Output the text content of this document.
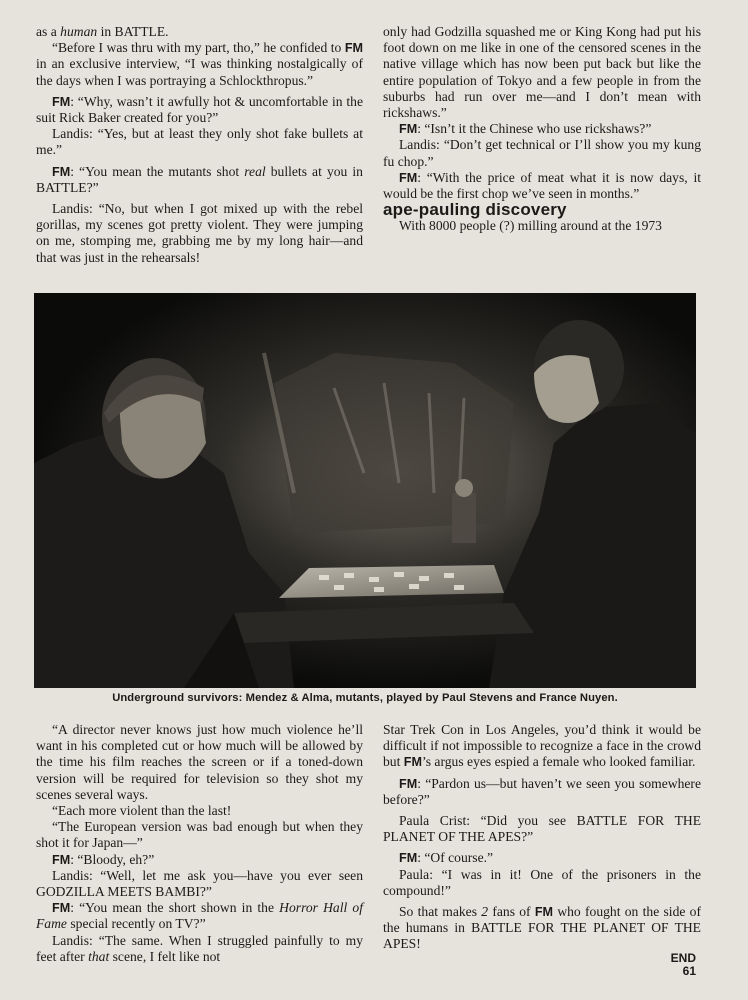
as a human in BATTLE.

“Before I was thru with my part, tho,” he confided to FM in an exclusive interview, “I was thinking nostalgically of the days when I was portraying a Schlockthropus.”

FM: “Why, wasn’t it awfully hot & uncomfortable in the suit Rick Baker created for you?”

Landis: “Yes, but at least they only shot fake bullets at me.”

FM: “You mean the mutants shot real bullets at you in BATTLE?”

Landis: “No, but when I got mixed up with the rebel gorillas, my scenes got pretty violent. They were jumping on me, stomping me, grabbing me by my long hair—and that was just in the rehearsals!

only had Godzilla squashed me or King Kong had put his foot down on me like in one of the censored scenes in the native village which has now been put back but like the entire population of Tokyo and a few people in from the suburbs had run over me—and I don’t mean with rickshaws.”

FM: “Isn’t it the Chinese who use rickshaws?”

Landis: “Don’t get technical or I’ll show you my kung fu chop.”

FM: “With the price of meat what it is now days, it would be the first chop we’ve seen in months.”

ape-pauling discovery

With 8000 people (?) milling around at the 1973

Underground survivors: Mendez & Alma, mutants, played by Paul Stevens and France Nuyen.

“A director never knows just how much violence he’ll want in his completed cut or how much will be allowed by the time his film reaches the screen or if a toned-down version will be required for television so they shot my scenes several ways.

“Each more violent than the last!

“The European version was bad enough but when they shot it for Japan—”

FM: “Bloody, eh?”

Landis: “Well, let me ask you—have you ever seen GODZILLA MEETS BAMBI?”

FM: “You mean the short shown in the Horror Hall of Fame special recently on TV?”

Landis: “The same. When I struggled painfully to my feet after that scene, I felt like not

Star Trek Con in Los Angeles, you’d think it would be difficult if not impossible to recognize a face in the crowd but FM’s argus eyes espied a female who looked familiar.

FM: “Pardon us—but haven’t we seen you somewhere before?”

Paula Crist: “Did you see BATTLE FOR THE PLANET OF THE APES?”

FM: “Of course.”

Paula: “I was in it! One of the prisoners in the compound!”

So that makes 2 fans of FM who fought on the side of the humans in BATTLE FOR THE PLANET OF THE APES!

END
61
